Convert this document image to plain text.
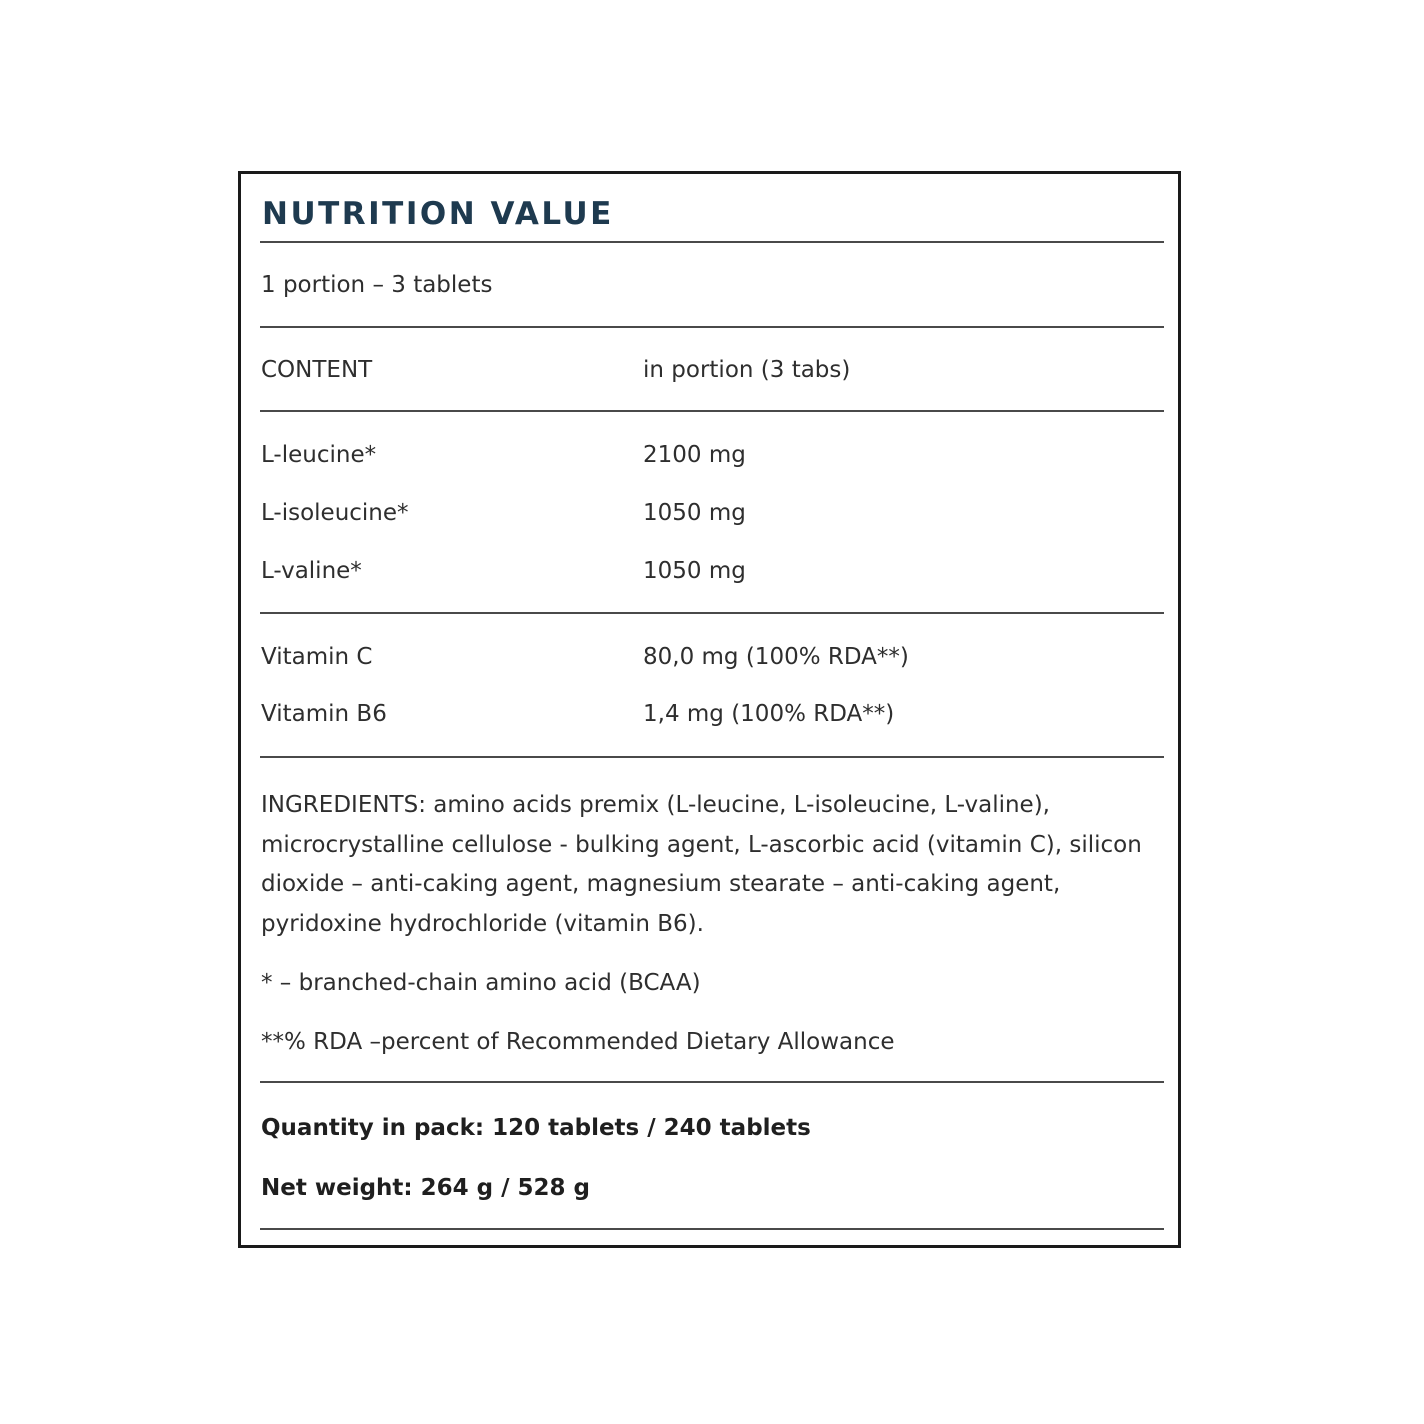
NUTRITION VALUE
1 portion – 3 tablets
CONTENT	in portion (3 tabs)
L-leucine*	2100 mg
L-isoleucine*	1050 mg
L-valine*	1050 mg
Vitamin C	80,0 mg (100% RDA**)
Vitamin B6	1,4 mg (100% RDA**)
INGREDIENTS: amino acids premix (L-leucine, L-isoleucine, L-valine), microcrystalline cellulose - bulking agent, L-ascorbic acid (vitamin C), silicon dioxide – anti-caking agent, magnesium stearate – anti-caking agent, pyridoxine hydrochloride (vitamin B6).
* – branched-chain amino acid (BCAA)
**% RDA –percent of Recommended Dietary Allowance
Quantity in pack: 120 tablets / 240 tablets
Net weight: 264 g / 528 g
